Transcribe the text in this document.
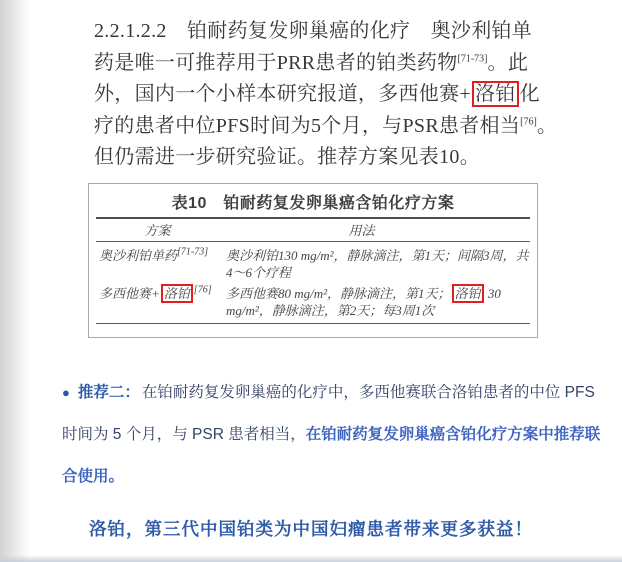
2.2.1.2.2　铂耐药复发卵巢癌的化疗　奥沙利铂单
药是唯一可推荐用于PRR患者的铂类药物[71-73]。此
外，国内一个小样本研究报道，多西他赛+ 洛铂 化
疗的患者中位PFS时间为5个月，与PSR患者相当[76]。
但仍需进一步研究验证。推荐方案见表10。
表10　铂耐药复发卵巢癌含铂化疗方案
方案	用法
奥沙利铂单药[71-73]	奥沙利铂130 mg/m²，静脉滴注，第1天；间隔3周，共4～6个疗程
多西他赛+ 洛铂 [76]	多西他赛80 mg/m²，静脉滴注，第1天； 洛铂 30 mg/m²，静脉滴注，第2天；每3周1次
● 推荐二： 在铂耐药复发卵巢癌的化疗中，多西他赛联合洛铂患者的中位 PFS
时间为 5 个月，与 PSR 患者相当，在铂耐药复发卵巢癌含铂化疗方案中推荐联
合使用。
洛铂，第三代中国铂类为中国妇瘤患者带来更多获益！
